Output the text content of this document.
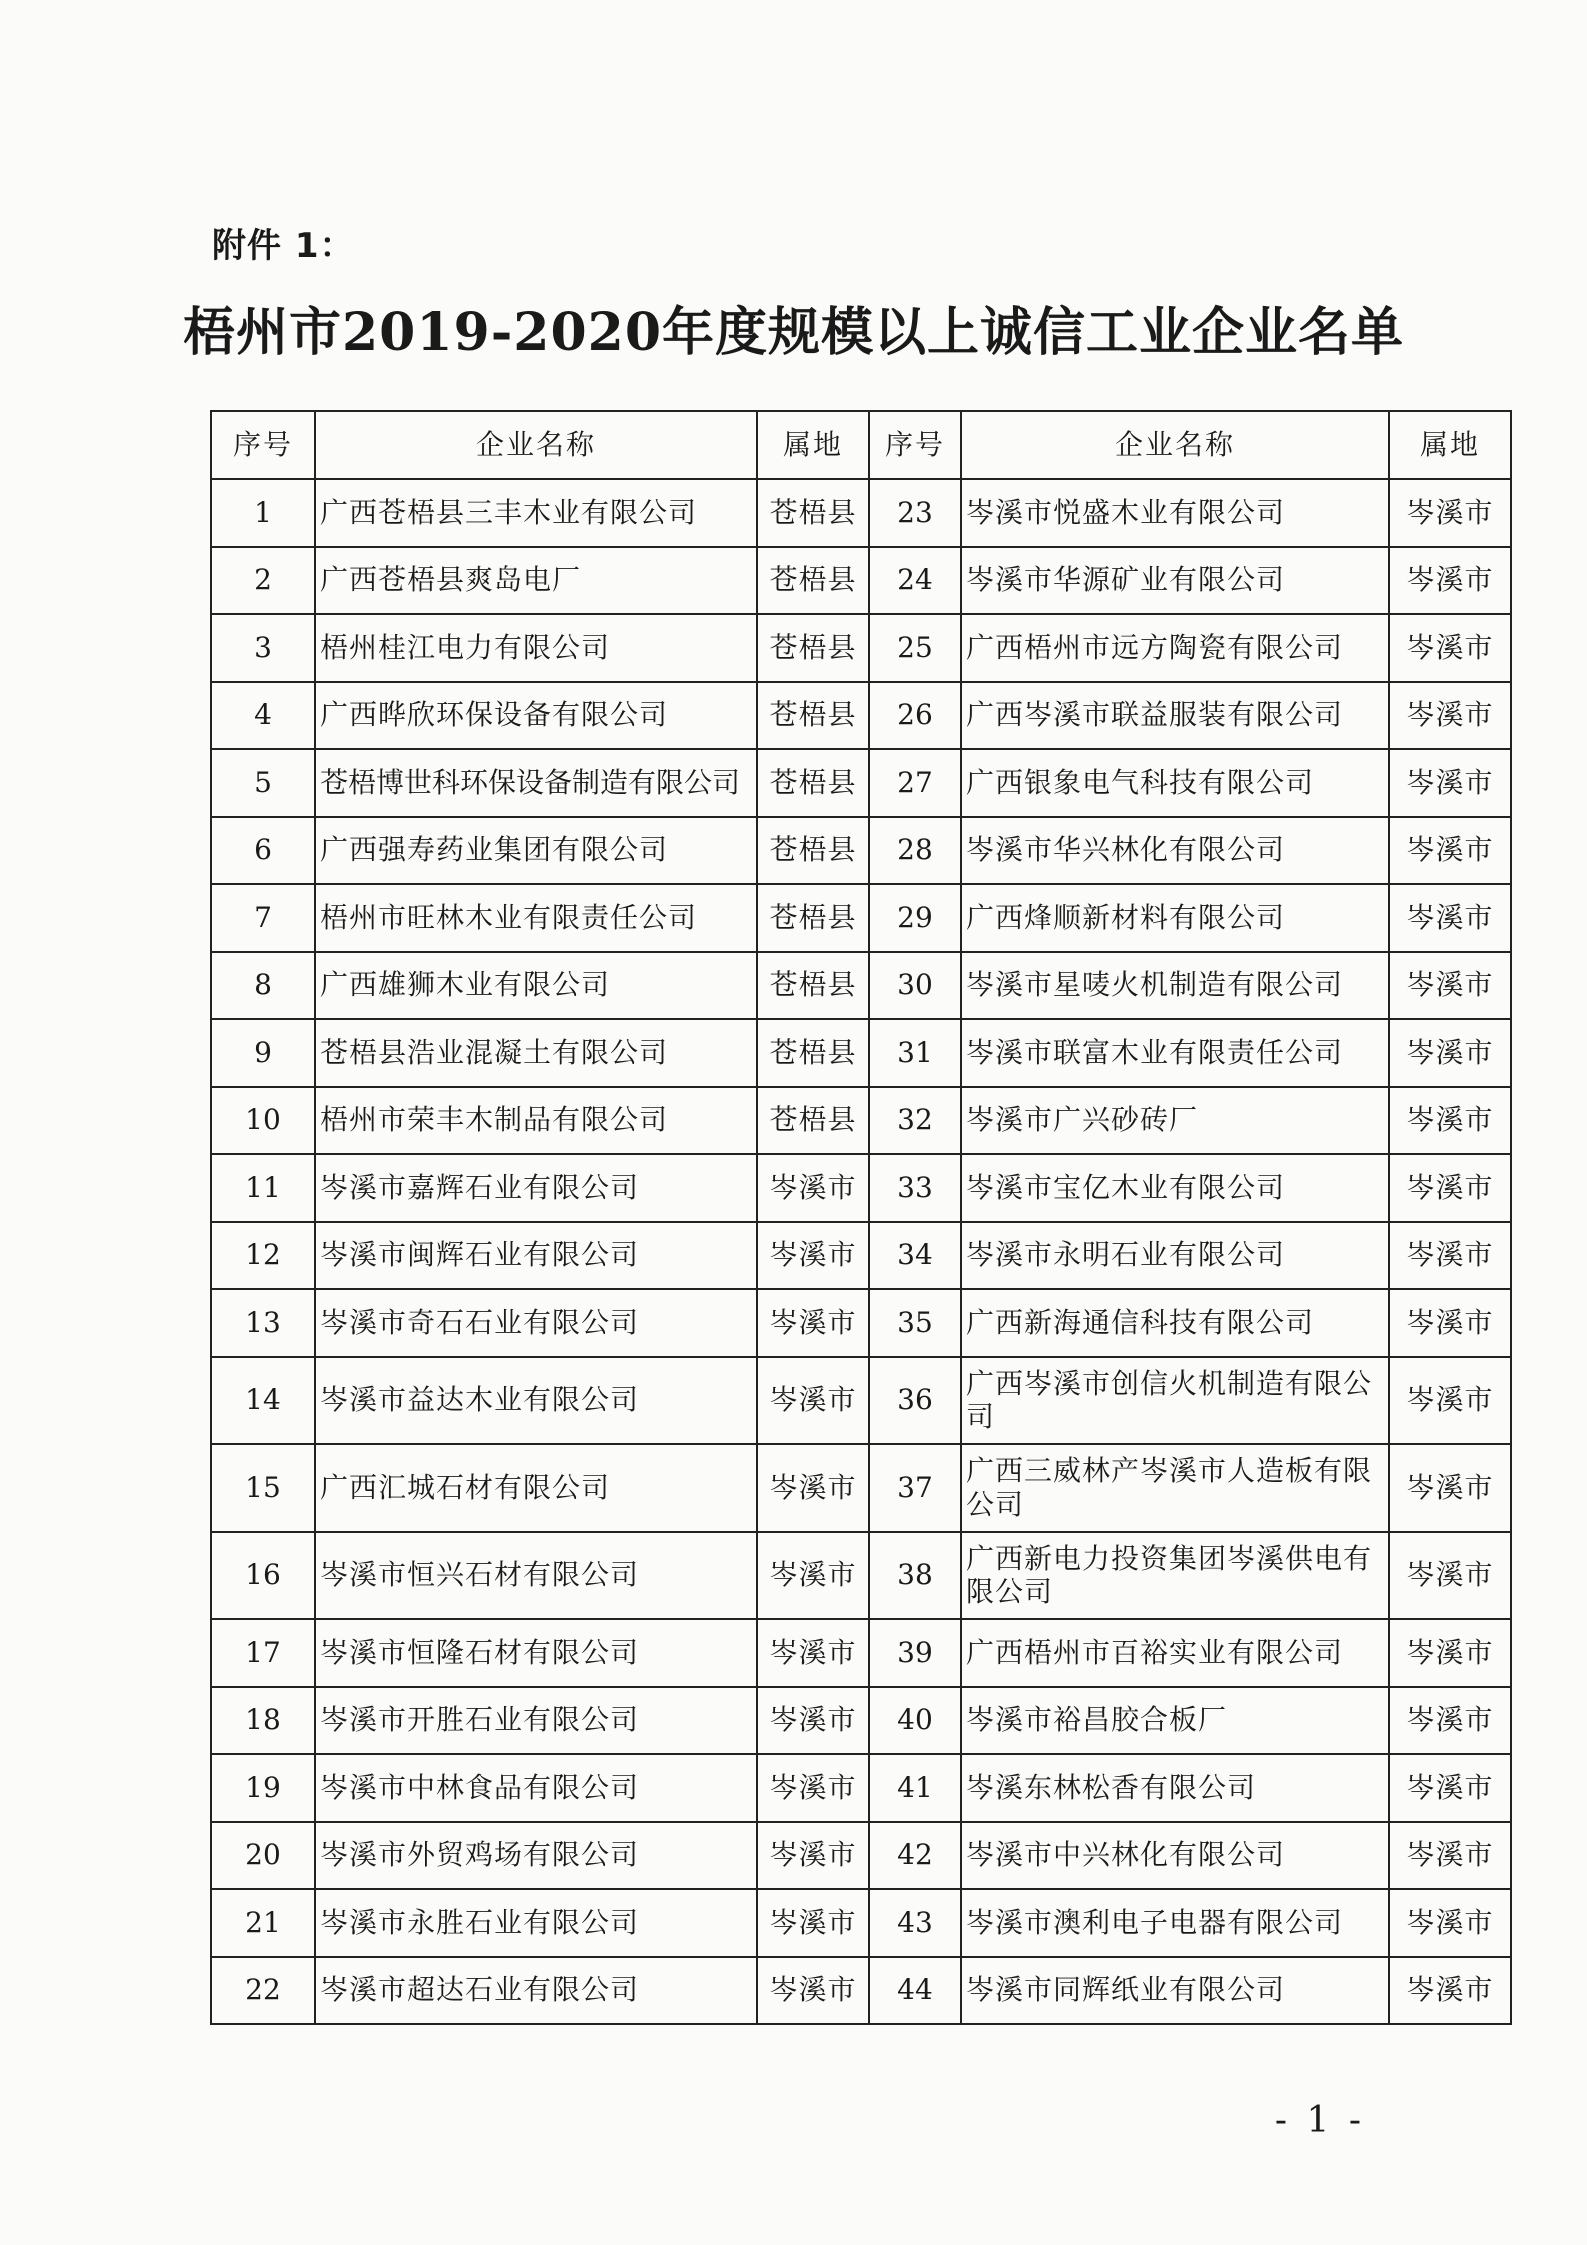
附件 1：
梧州市2019-2020年度规模以上诚信工业企业名单
序号	企业名称	属地	序号	企业名称	属地
1	广西苍梧县三丰木业有限公司	苍梧县	23	岑溪市悦盛木业有限公司	岑溪市
2	广西苍梧县爽岛电厂	苍梧县	24	岑溪市华源矿业有限公司	岑溪市
3	梧州桂江电力有限公司	苍梧县	25	广西梧州市远方陶瓷有限公司	岑溪市
4	广西晔欣环保设备有限公司	苍梧县	26	广西岑溪市联益服装有限公司	岑溪市
5	苍梧博世科环保设备制造有限公司	苍梧县	27	广西银象电气科技有限公司	岑溪市
6	广西强寿药业集团有限公司	苍梧县	28	岑溪市华兴林化有限公司	岑溪市
7	梧州市旺林木业有限责任公司	苍梧县	29	广西烽顺新材料有限公司	岑溪市
8	广西雄狮木业有限公司	苍梧县	30	岑溪市星唛火机制造有限公司	岑溪市
9	苍梧县浩业混凝土有限公司	苍梧县	31	岑溪市联富木业有限责任公司	岑溪市
10	梧州市荣丰木制品有限公司	苍梧县	32	岑溪市广兴砂砖厂	岑溪市
11	岑溪市嘉辉石业有限公司	岑溪市	33	岑溪市宝亿木业有限公司	岑溪市
12	岑溪市闽辉石业有限公司	岑溪市	34	岑溪市永明石业有限公司	岑溪市
13	岑溪市奇石石业有限公司	岑溪市	35	广西新海通信科技有限公司	岑溪市
14	岑溪市益达木业有限公司	岑溪市	36	广西岑溪市创信火机制造有限公司	岑溪市
15	广西汇城石材有限公司	岑溪市	37	广西三威林产岑溪市人造板有限公司	岑溪市
16	岑溪市恒兴石材有限公司	岑溪市	38	广西新电力投资集团岑溪供电有限公司	岑溪市
17	岑溪市恒隆石材有限公司	岑溪市	39	广西梧州市百裕实业有限公司	岑溪市
18	岑溪市开胜石业有限公司	岑溪市	40	岑溪市裕昌胶合板厂	岑溪市
19	岑溪市中林食品有限公司	岑溪市	41	岑溪东林松香有限公司	岑溪市
20	岑溪市外贸鸡场有限公司	岑溪市	42	岑溪市中兴林化有限公司	岑溪市
21	岑溪市永胜石业有限公司	岑溪市	43	岑溪市澳利电子电器有限公司	岑溪市
22	岑溪市超达石业有限公司	岑溪市	44	岑溪市同辉纸业有限公司	岑溪市
- 1 -
